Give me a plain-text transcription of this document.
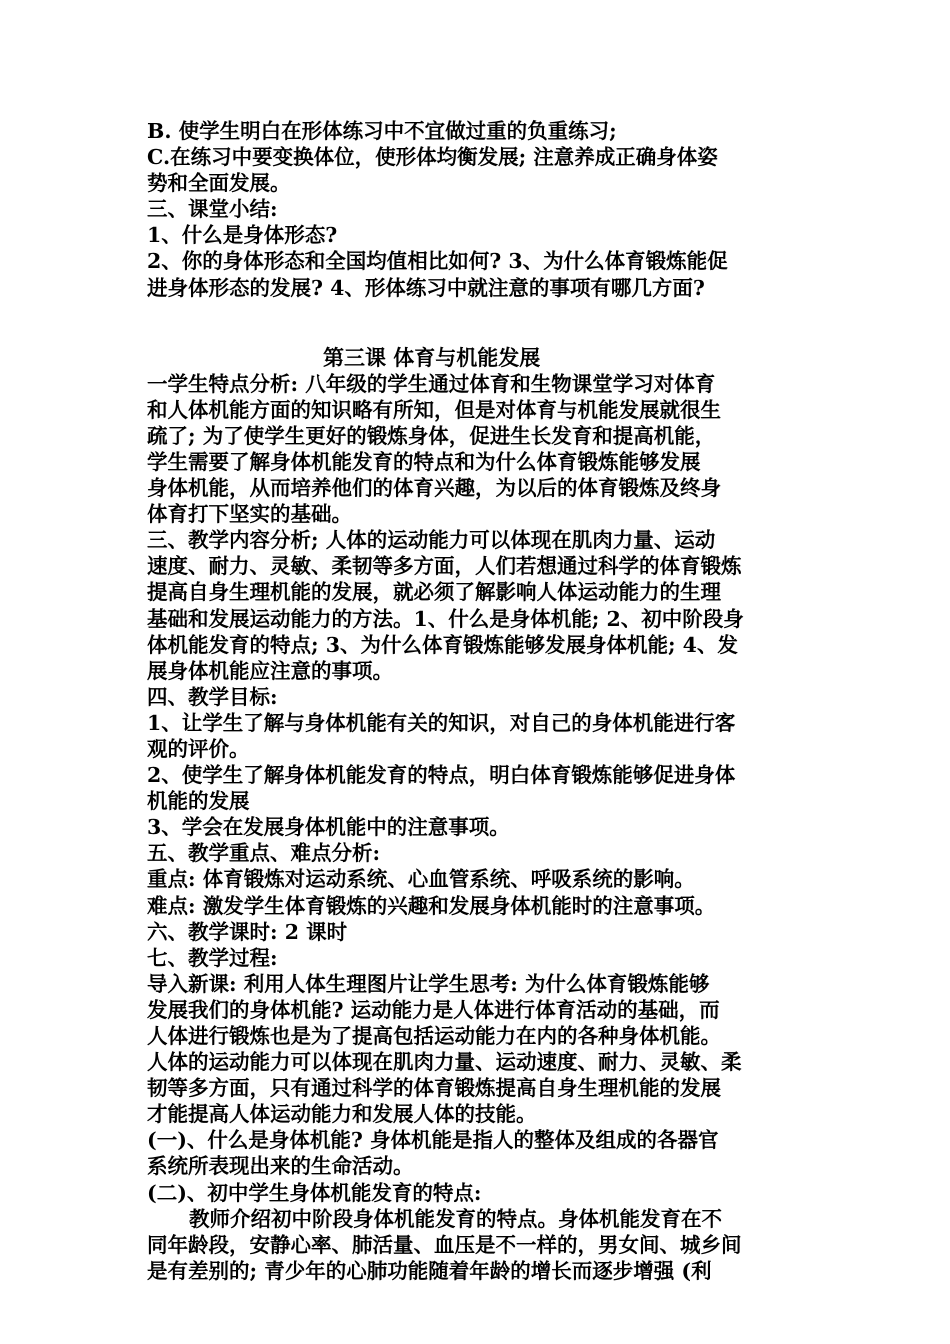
B. 使学生明白在形体练习中不宜做过重的负重练习;
C.在练习中要变换体位，使形体均衡发展; 注意养成正确身体姿
势和全面发展。
三、课堂小结:
1、什么是身体形态?
2、你的身体形态和全国均值相比如何? 3、为什么体育锻炼能促
进身体形态的发展? 4、形体练习中就注意的事项有哪几方面?
第三课 体育与机能发展
一学生特点分析: 八年级的学生通过体育和生物课堂学习对体育
和人体机能方面的知识略有所知，但是对体育与机能发展就很生
疏了; 为了使学生更好的锻炼身体，促进生长发育和提高机能，
学生需要了解身体机能发育的特点和为什么体育锻炼能够发展
身体机能，从而培养他们的体育兴趣，为以后的体育锻炼及终身
体育打下坚实的基础。
三、教学内容分析; 人体的运动能力可以体现在肌肉力量、运动
速度、耐力、灵敏、柔韧等多方面，人们若想通过科学的体育锻炼
提高自身生理机能的发展，就必须了解影响人体运动能力的生理
基础和发展运动能力的方法。1、什么是身体机能; 2、初中阶段身
体机能发育的特点; 3、为什么体育锻炼能够发展身体机能; 4、发
展身体机能应注意的事项。
四、教学目标:
1、让学生了解与身体机能有关的知识，对自己的身体机能进行客
观的评价。
2、使学生了解身体机能发育的特点，明白体育锻炼能够促进身体
机能的发展
3、学会在发展身体机能中的注意事项。
五、教学重点、难点分析:
重点: 体育锻炼对运动系统、心血管系统、呼吸系统的影响。
难点: 激发学生体育锻炼的兴趣和发展身体机能时的注意事项。
六、教学课时: 2 课时
七、教学过程:
导入新课: 利用人体生理图片让学生思考: 为什么体育锻炼能够
发展我们的身体机能? 运动能力是人体进行体育活动的基础，而
人体进行锻炼也是为了提高包括运动能力在内的各种身体机能。
人体的运动能力可以体现在肌肉力量、运动速度、耐力、灵敏、柔
韧等多方面，只有通过科学的体育锻炼提高自身生理机能的发展
才能提高人体运动能力和发展人体的技能。
(一)、什么是身体机能? 身体机能是指人的整体及组成的各器官
系统所表现出来的生命活动。
(二)、初中学生身体机能发育的特点:
教师介绍初中阶段身体机能发育的特点。身体机能发育在不
同年龄段，安静心率、肺活量、血压是不一样的，男女间、城乡间
是有差别的; 青少年的心肺功能随着年龄的增长而逐步增强 (利
